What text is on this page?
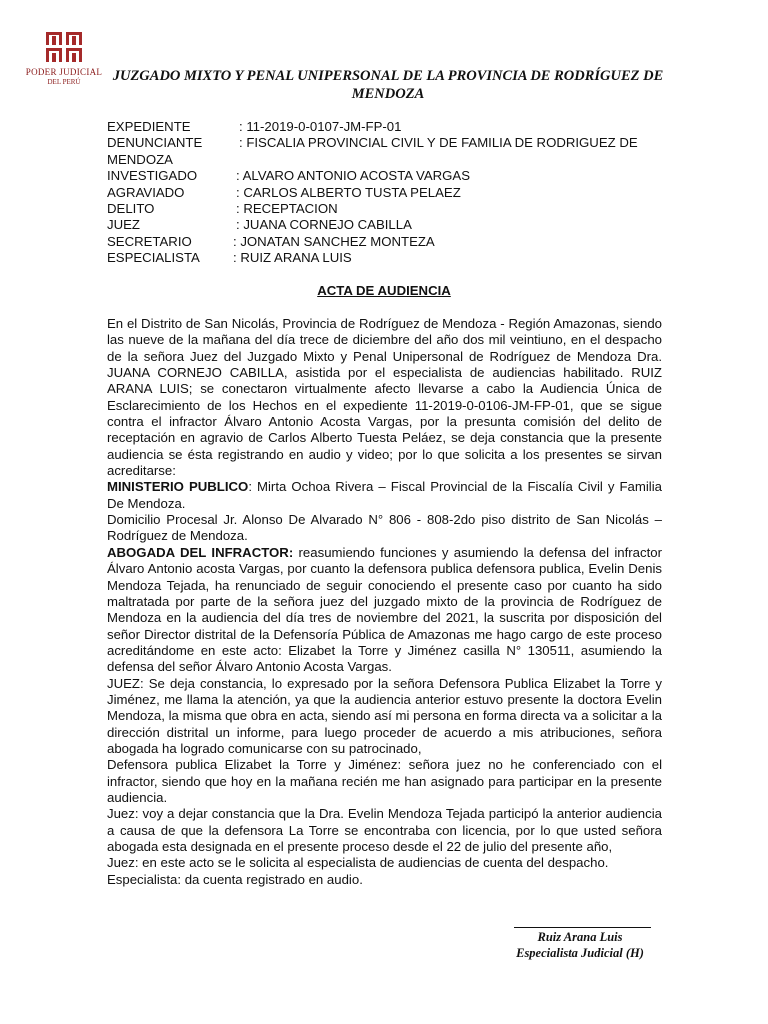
PODER JUDICIAL
DEL PERÚ	JUZGADO MIXTO Y PENAL UNIPERSONAL DE LA PROVINCIA DE RODRÍGUEZ DE MENDOZA
EXPEDIENTE	: 11-2019-0-0107-JM-FP-01
DENUNCIANTE	: FISCALIA PROVINCIAL CIVIL Y DE FAMILIA DE RODRIGUEZ DE
MENDOZA
INVESTIGADO	: ALVARO ANTONIO ACOSTA VARGAS
AGRAVIADO	: CARLOS ALBERTO TUSTA PELAEZ
DELITO	: RECEPTACION
JUEZ	: JUANA CORNEJO CABILLA
SECRETARIO	: JONATAN SANCHEZ MONTEZA
ESPECIALISTA	: RUIZ ARANA LUIS
ACTA DE AUDIENCIA

En el Distrito de San Nicolás, Provincia de Rodríguez de Mendoza - Región Amazonas, siendo las nueve de la mañana del día trece de diciembre del año dos mil veintiuno, en el despacho de la señora Juez del Juzgado Mixto y Penal Unipersonal de Rodríguez de Mendoza Dra. JUANA CORNEJO CABILLA, asistida por el especialista de audiencias habilitado. RUIZ ARANA LUIS; se conectaron virtualmente afecto llevarse a cabo la Audiencia Única de Esclarecimiento de los Hechos en el expediente 11-2019-0-0106-JM-FP-01, que se sigue contra el infractor Álvaro Antonio Acosta Vargas, por la presunta comisión del delito de receptación en agravio de Carlos Alberto Tuesta Peláez, se deja constancia que la presente audiencia se ésta registrando en audio y video; por lo que solicita a los presentes se sirvan acreditarse:

MINISTERIO PUBLICO: Mirta Ochoa Rivera – Fiscal Provincial de la Fiscalía Civil y Familia De Mendoza.

Domicilio Procesal Jr. Alonso De Alvarado N° 806 - 808-2do piso distrito de San Nicolás – Rodríguez de Mendoza.

ABOGADA DEL INFRACTOR: reasumiendo funciones y asumiendo la defensa del infractor Álvaro Antonio acosta Vargas, por cuanto la defensora publica defensora publica, Evelin Denis Mendoza Tejada, ha renunciado de seguir conociendo el presente caso por cuanto ha sido maltratada por parte de la señora juez del juzgado mixto de la provincia de Rodríguez de Mendoza en la audiencia del día tres de noviembre del 2021, la suscrita por disposición del señor Director distrital de la Defensoría Pública de Amazonas me hago cargo de este proceso acreditándome en este acto: Elizabet la Torre y Jiménez casilla N° 130511, asumiendo la defensa del señor Álvaro Antonio Acosta Vargas.

JUEZ: Se deja constancia, lo expresado por la señora Defensora Publica Elizabet la Torre y Jiménez, me llama la atención, ya que la audiencia anterior estuvo presente la doctora Evelin Mendoza, la misma que obra en acta, siendo así mi persona en forma directa va a solicitar a la dirección distrital un informe, para luego proceder de acuerdo a mis atribuciones, señora abogada ha logrado comunicarse con su patrocinado,

Defensora publica Elizabet la Torre y Jiménez: señora juez no he conferenciado con el infractor, siendo que hoy en la mañana recién me han asignado para participar en la presente audiencia.

Juez: voy a dejar constancia que la Dra. Evelin Mendoza Tejada participó la anterior audiencia a causa de que la defensora La Torre se encontraba con licencia, por lo que usted señora abogada esta designada en el presente proceso desde el 22 de julio del presente año,

Juez: en este acto se le solicita al especialista de audiencias de cuenta del despacho.

Especialista: da cuenta registrado en audio.

Ruiz Arana Luis
Especialista Judicial (H)
